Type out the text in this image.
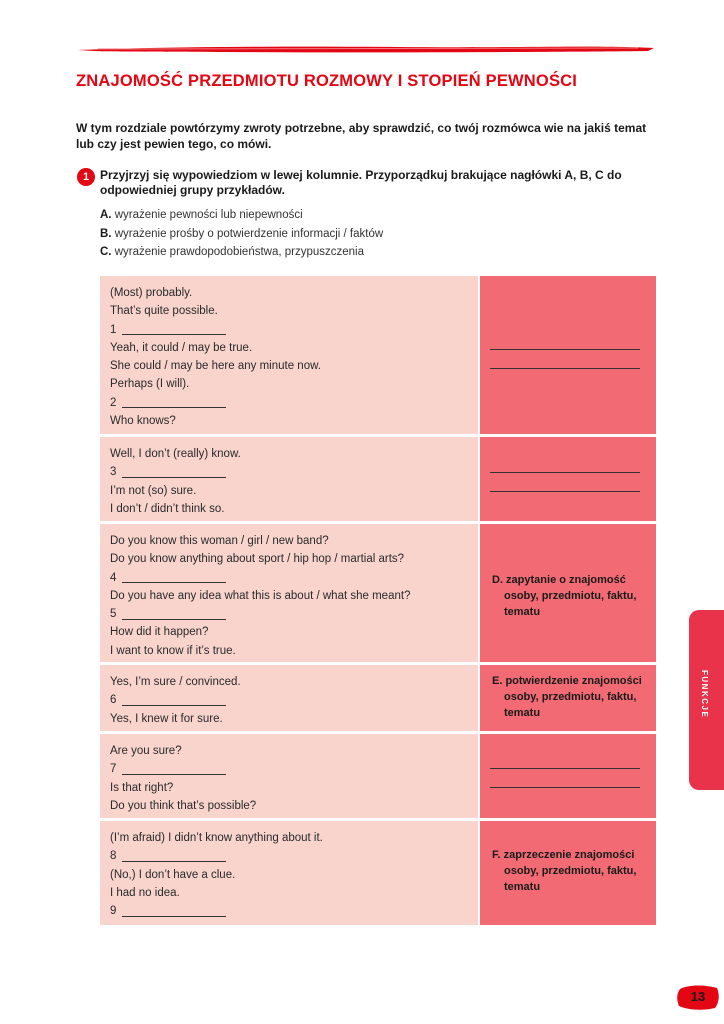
ZNAJOMOŚĆ PRZEDMIOTU ROZMOWY I STOPIEŃ PEWNOŚCI
W tym rozdziale powtórzymy zwroty potrzebne, aby sprawdzić, co twój rozmówca wie na jakiś temat lub czy jest pewien tego, co mówi.
1 Przyjrzyj się wypowiedziom w lewej kolumnie. Przyporządkuj brakujące nagłówki A, B, C do odpowiedniej grupy przykładów.
A. wyrażenie pewności lub niepewności
B. wyrażenie prośby o potwierdzenie informacji / faktów
C. wyrażenie prawdopodobieństwa, przypuszczenia
(Most) probably.
That’s quite possible.
1
Yeah, it could / may be true.
She could / may be here any minute now.
Perhaps (I will).
2
Who knows?
Well, I don’t (really) know.
3
I’m not (so) sure.
I don’t / didn’t think so.
Do you know this woman / girl / new band?
Do you know anything about sport / hip hop / martial arts?
4
Do you have any idea what this is about / what she meant?
5
How did it happen?
I want to know if it’s true.
D. zapytanie o znajomość
osoby, przedmiotu, faktu,
tematu
Yes, I’m sure / convinced.
6
Yes, I knew it for sure.
E. potwierdzenie znajomości
osoby, przedmiotu, faktu,
tematu
Are you sure?
7
Is that right?
Do you think that’s possible?
(I’m afraid) I didn’t know anything about it.
8
(No,) I don’t have a clue.
I had no idea.
9
F. zaprzeczenie znajomości
osoby, przedmiotu, faktu,
tematu
FUNKCJE
13
